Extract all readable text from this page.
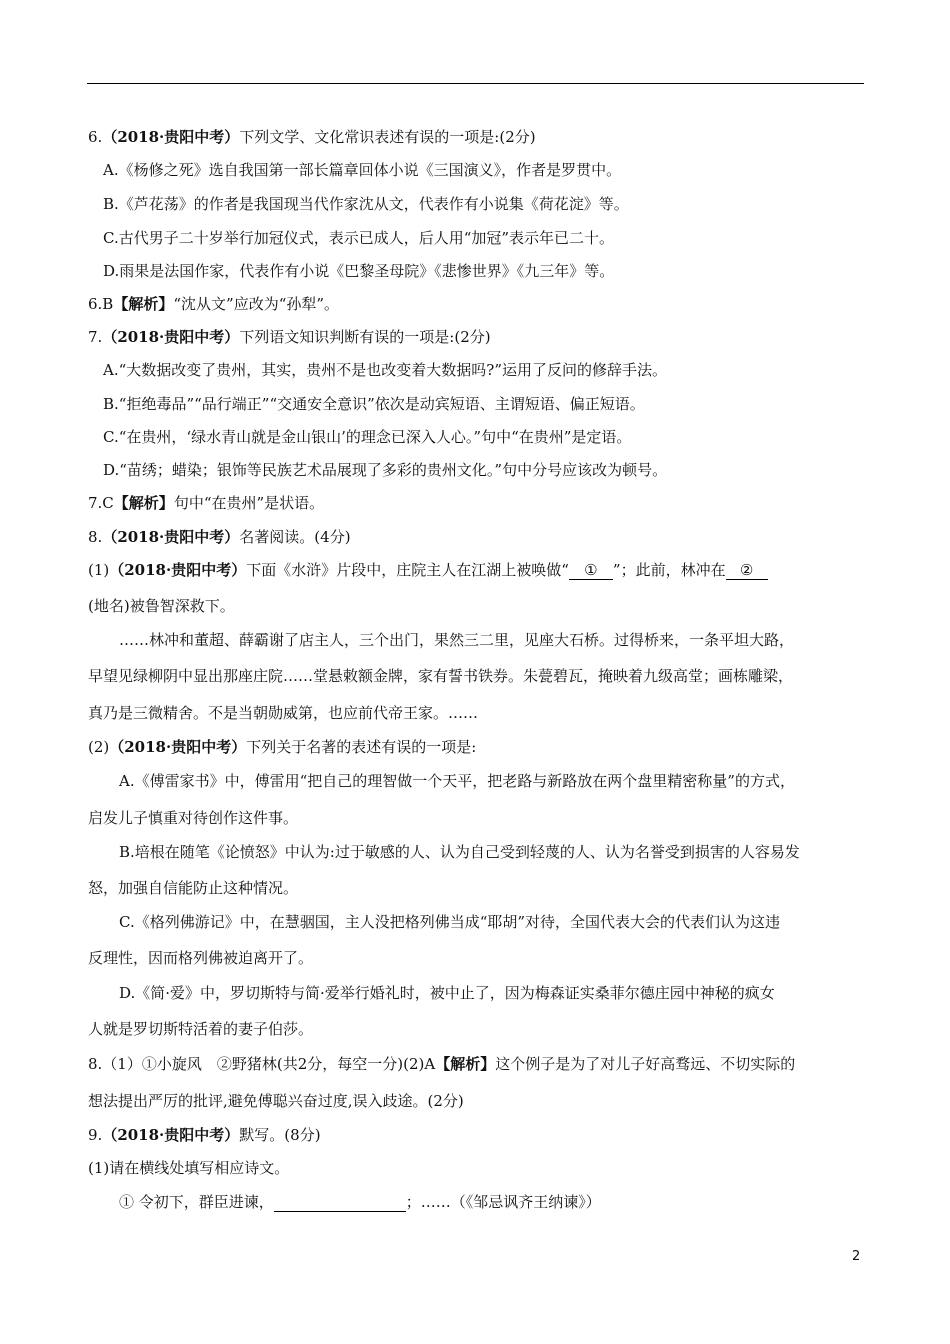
6.（2018·贵阳中考）下列文学、文化常识表述有误的一项是:(2分)
A.《杨修之死》选自我国第一部长篇章回体小说《三国演义》，作者是罗贯中。
B.《芦花荡》的作者是我国现当代作家沈从文，代表作有小说集《荷花淀》等。
C.古代男子二十岁举行加冠仪式，表示已成人，后人用“加冠”表示年已二十。
D.雨果是法国作家，代表作有小说《巴黎圣母院》《悲惨世界》《九三年》等。
6.B【解析】“沈从文”应改为“孙犁”。
7.（2018·贵阳中考）下列语文知识判断有误的一项是:(2分)
A.“大数据改变了贵州，其实，贵州不是也改变着大数据吗?”运用了反问的修辞手法。
B.“拒绝毒品”“品行端正”“交通安全意识”依次是动宾短语、主谓短语、偏正短语。
C.“在贵州，‘绿水青山就是金山银山’的理念已深入人心。”句中“在贵州”是定语。
D.“苗绣；蜡染；银饰等民族艺术品展现了多彩的贵州文化。”句中分号应该改为顿号。
7.C【解析】句中“在贵州”是状语。
8.（2018·贵阳中考）名著阅读。(4分)
(1)（2018·贵阳中考）下面《水浒》片段中，庄院主人在江湖上被唤做“ ① ”；此前，林冲在 ②
(地名)被鲁智深救下。
……林冲和董超、薛霸谢了店主人，三个出门，果然三二里，见座大石桥。过得桥来，一条平坦大路，
早望见绿柳阴中显出那座庄院……堂悬敕额金牌，家有誓书铁券。朱甍碧瓦，掩映着九级高堂；画栋雕梁，
真乃是三微精舍。不是当朝勋威第，也应前代帝王家。……
(2)（2018·贵阳中考）下列关于名著的表述有误的一项是:
A.《傅雷家书》中，傅雷用“把自己的理智做一个天平，把老路与新路放在两个盘里精密称量”的方式，
启发儿子慎重对待创作这件事。
B.培根在随笔《论愤怒》中认为:过于敏感的人、认为自己受到轻蔑的人、认为名誉受到损害的人容易发
怒，加强自信能防止这种情况。
C.《格列佛游记》中，在慧骃国，主人没把格列佛当成“耶胡”对待，全国代表大会的代表们认为这违
反理性，因而格列佛被迫离开了。
D.《简·爱》中，罗切斯特与简·爱举行婚礼时，被中止了，因为梅森证实桑菲尔德庄园中神秘的疯女
人就是罗切斯特活着的妻子伯莎。
8.（1）①小旋风　②野猪林(共2分，每空一分)(2)A【解析】这个例子是为了对儿子好高骛远、不切实际的
想法提出严厉的批评,避免傅聪兴奋过度,误入歧途。(2分)
9.（2018·贵阳中考）默写。(8分)
(1)请在横线处填写相应诗文。
① 令初下，群臣进谏，	；……（《邹忌讽齐王纳谏》）
2
